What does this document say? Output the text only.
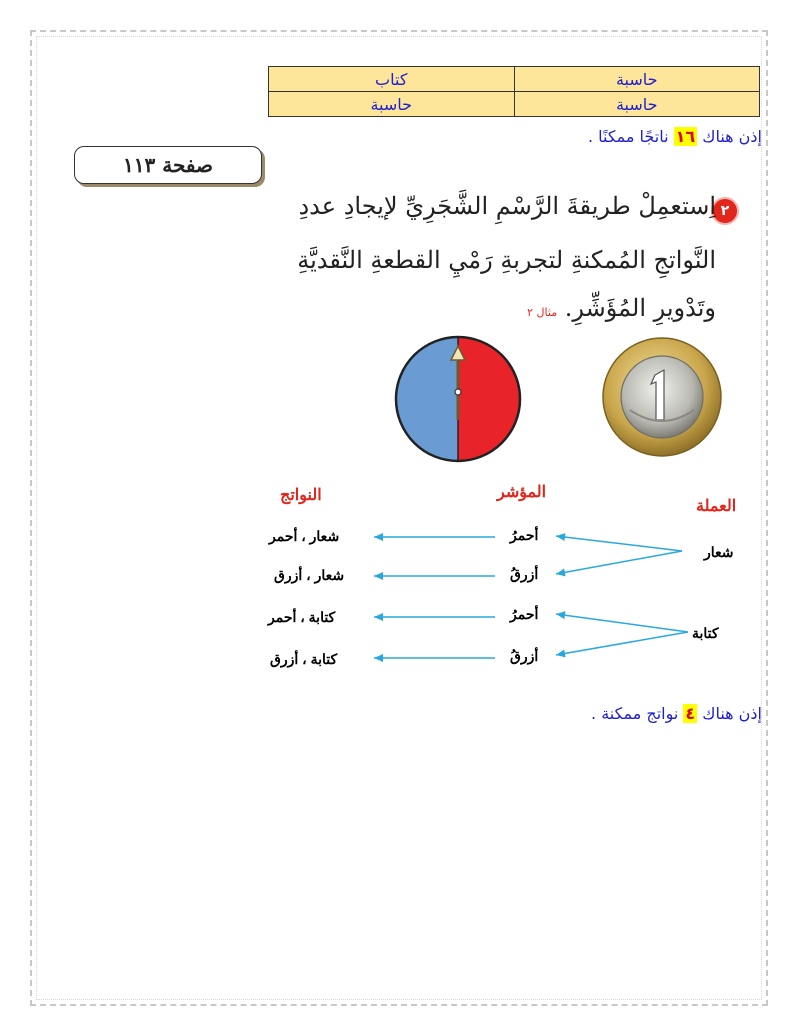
حاسبة	كتاب
حاسبة	حاسبة
إذن هناك ١٦ ناتجًا ممكنًا .
صفحة ١١٣
٢
اِستعمِلْ طريقةَ الرَّسْمِ الشَّجَرِيِّ لإيجادِ عددِ
النَّواتجِ المُمكنةِ لتجربةِ رَمْيِ القطعةِ النَّقديَّةِ
وتَدْويرِ المُؤَشِّرِ. مثال ٢
النواتج	المؤشر
العملة
شعار
كتابة
أحمرُ
أزرقُ
أحمرُ
أزرقُ
شعار ، أحمر
شعار ، أزرق
كتابة ، أحمر
كتابة ، أزرق
إذن هناك ٤ نواتج ممكنة .
